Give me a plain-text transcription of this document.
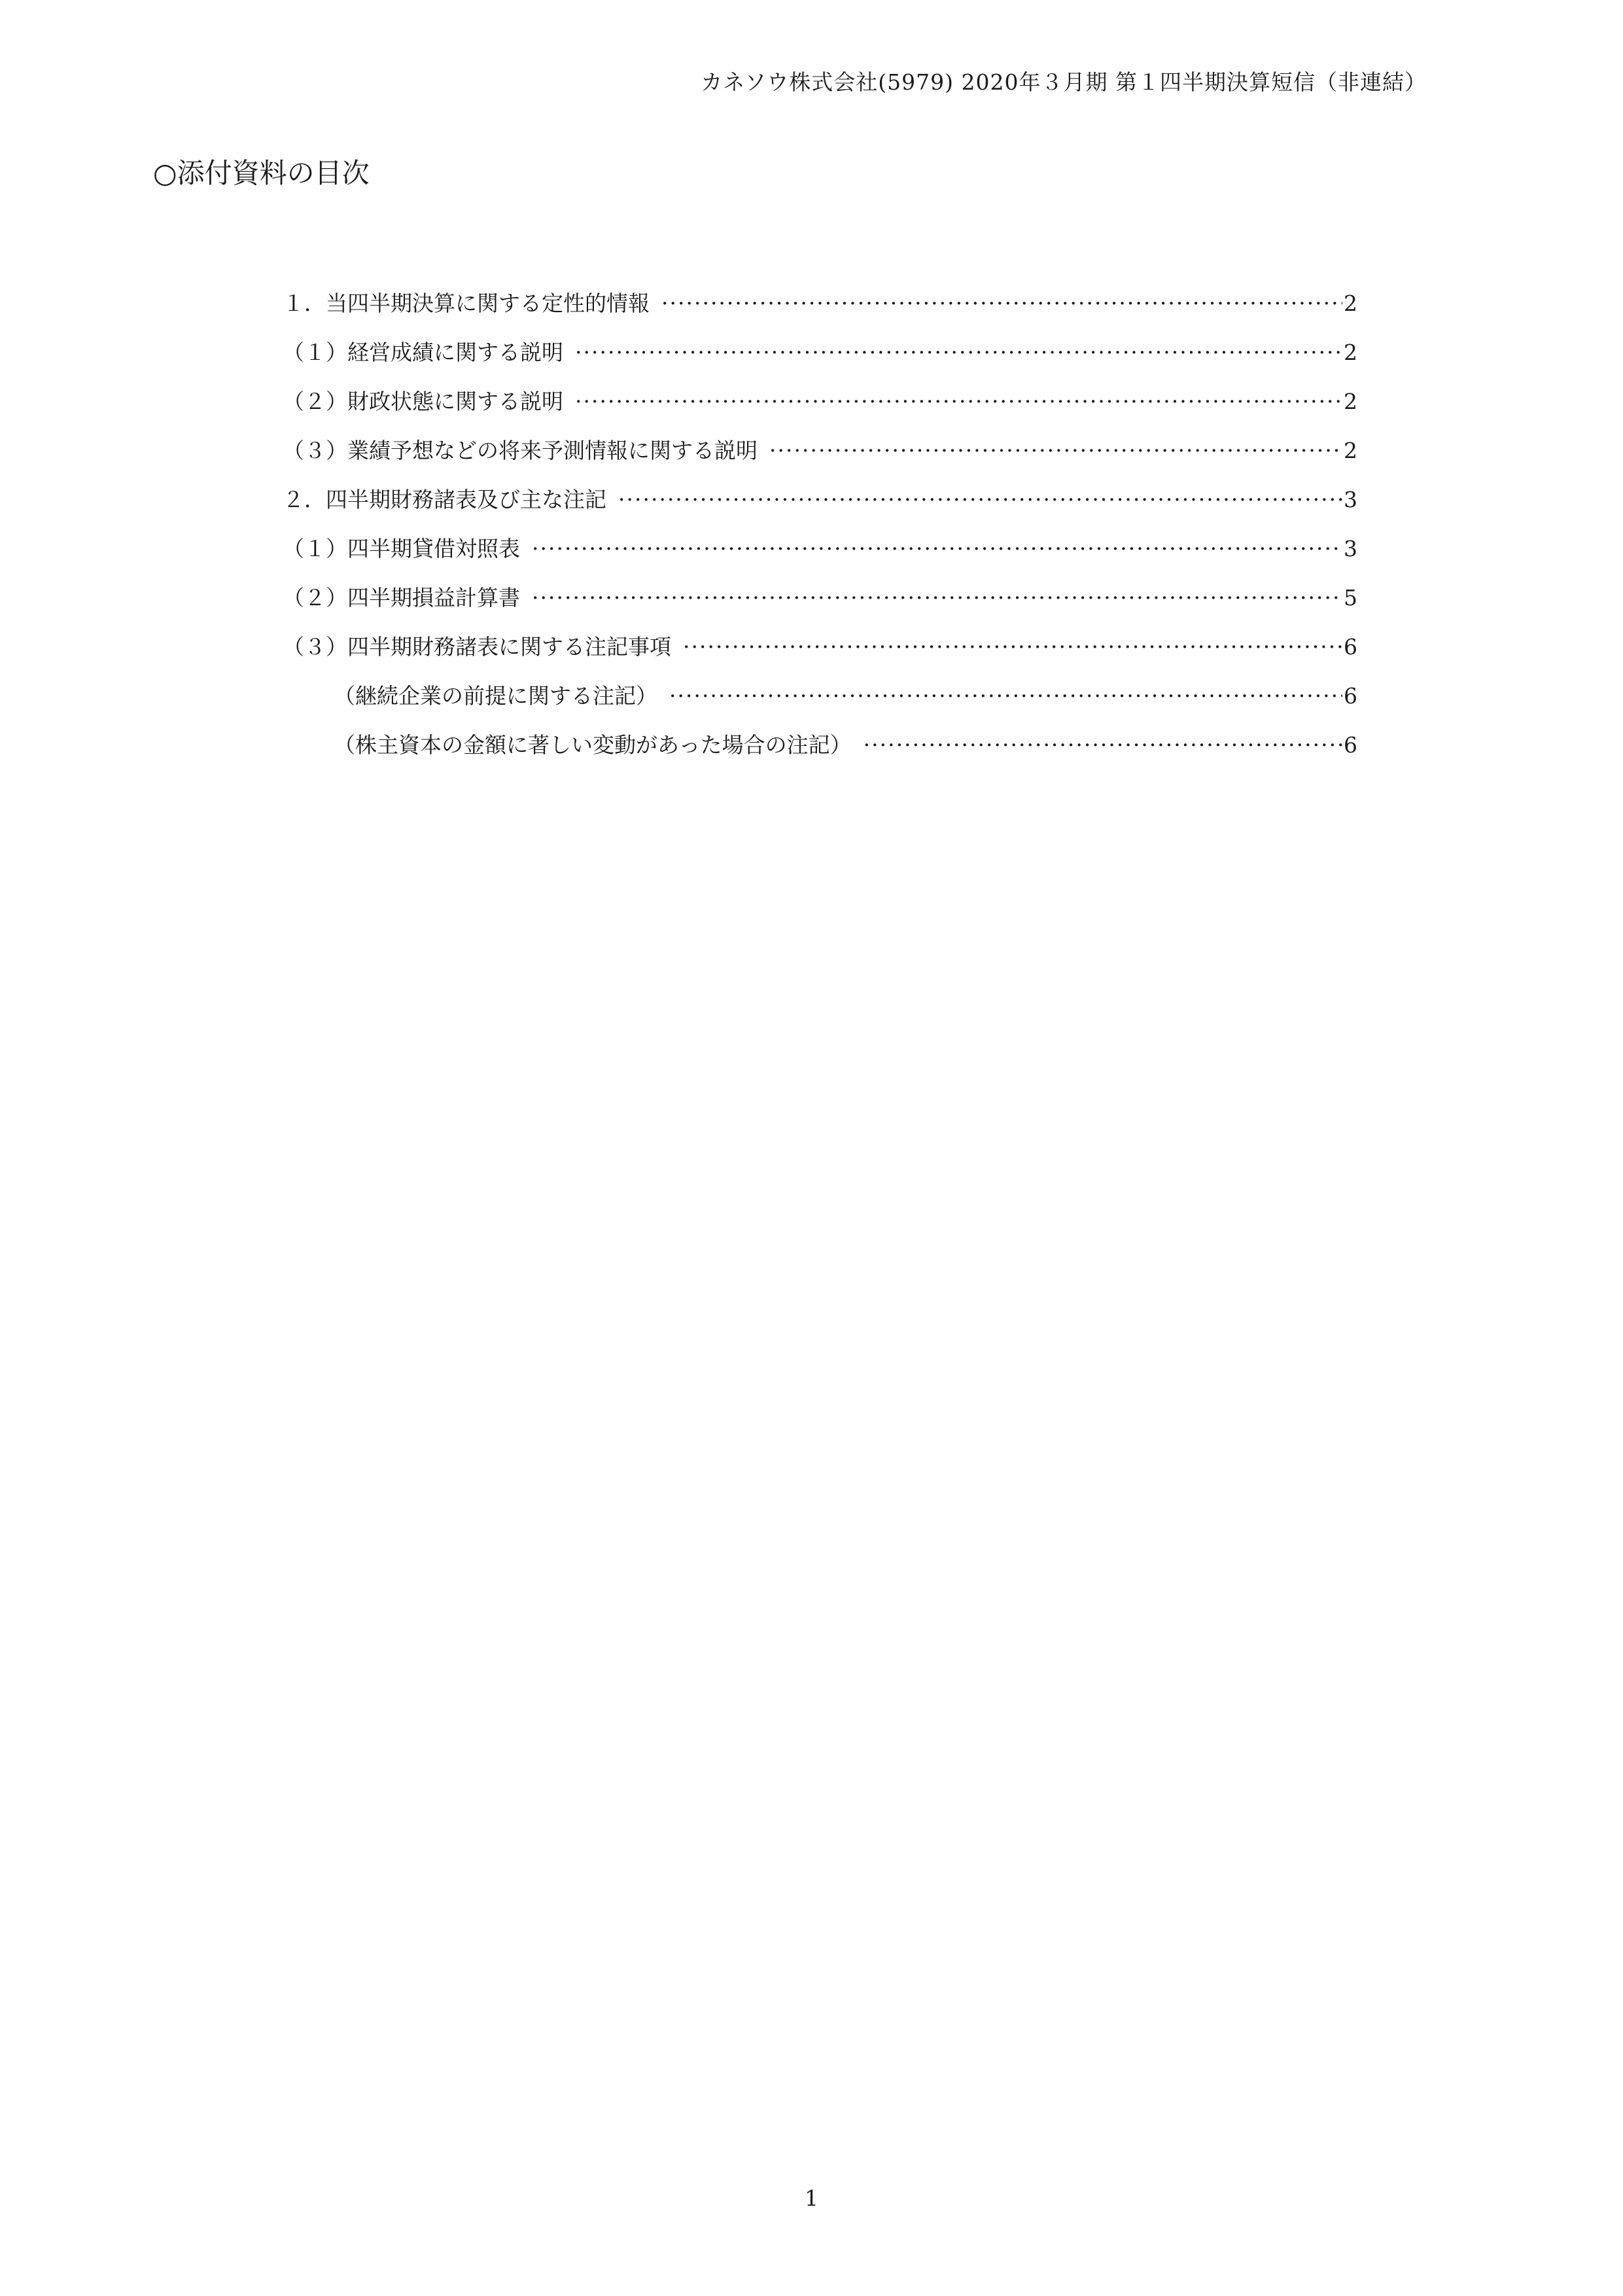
カネソウ株式会社(5979) 2020年３月期 第１四半期決算短信（非連結）
○添付資料の目次
１．当四半期決算に関する定性的情報 ·····	2
（１）経営成績に関する説明 ·····	2
（２）財政状態に関する説明 ·····	2
（３）業績予想などの将来予測情報に関する説明 ·····	2
２．四半期財務諸表及び主な注記 ·····	3
（１）四半期貸借対照表 ·····	3
（２）四半期損益計算書 ·····	5
（３）四半期財務諸表に関する注記事項 ·····	6
（継続企業の前提に関する注記） ·····	6
（株主資本の金額に著しい変動があった場合の注記） ·····	6
1
